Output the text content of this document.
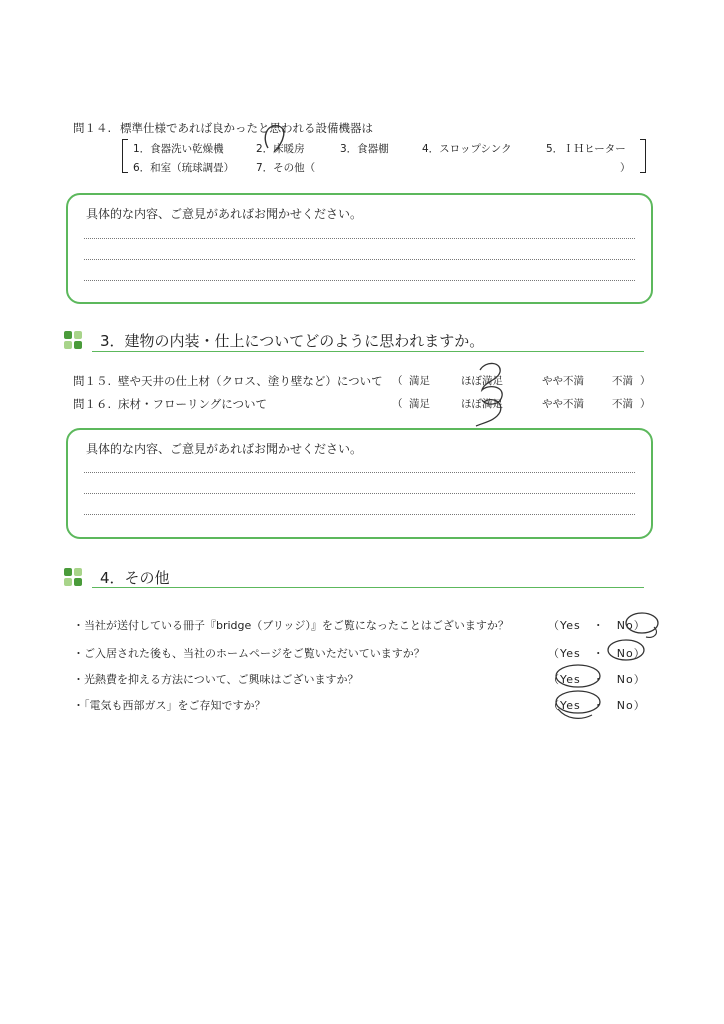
問１４. 標準仕様であれば良かったと思われる設備機器は
1．食器洗い乾燥機	2．床暖房	3．食器棚	4．スロップシンク	5．ＩＨヒーター
6．和室（琉球調畳） 7．その他（	）
具体的な内容、ご意見があればお聞かせください。
3．建物の内装・仕上についてどのように思われますか。
問１５. 壁や天井の仕上材（クロス、塗り壁など）について （ 満足	ほぼ満足	やや不満	不満 ）
問１６. 床材・フローリングについて	（ 満足	ほぼ満足	やや不満	不満 ）
具体的な内容、ご意見があればお聞かせください。
4．その他
・当社が送付している冊子『bridge（ブリッジ）』をご覧になったことはございますか？	（Yes　・　No）
・ご入居された後も、当社のホームページをご覧いただいていますか？	（Yes　・　No）
・光熱費を抑える方法について、ご興味はございますか？	（Yes　・　No）
・「電気も西部ガス」をご存知ですか？	（Yes　・　No）
